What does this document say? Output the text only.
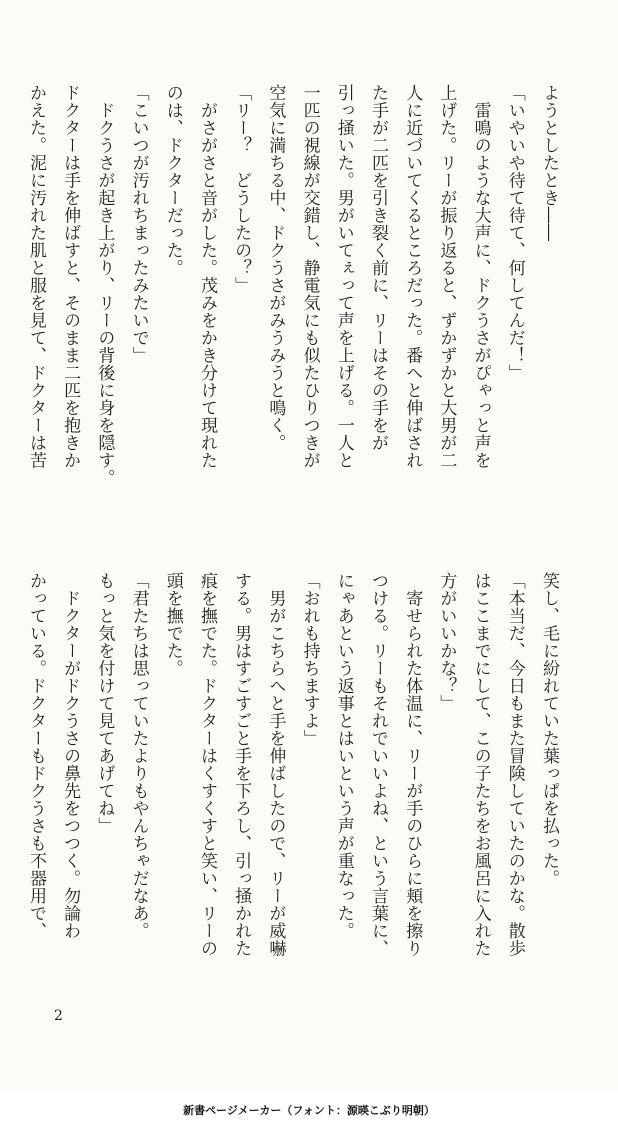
ようとしたとき――
「いやいや待て待て、何してんだ！」
　雷鳴のような大声に、ドクうさがぴゃっと声を
上げた。リーが振り返ると、ずかずかと大男が二
人に近づいてくるところだった。番へと伸ばされ
た手が二匹を引き裂く前に、リーはその手をが
引っ掻いた。男がいてぇって声を上げる。一人と
一匹の視線が交錯し、静電気にも似たひりつきが
空気に満ちる中、ドクうさがみうみうと鳴く。
「リー？　どうしたの？」
　がさがさと音がした。茂みをかき分けて現れた
のは、ドクターだった。
「こいつが汚れちまったみたいで」
　ドクうさが起き上がり、リーの背後に身を隠す。
ドクターは手を伸ばすと、そのまま二匹を抱きか
かえた。泥に汚れた肌と服を見て、ドクターは苦
笑し、毛に紛れていた葉っぱを払った。
「本当だ、今日もまた冒険していたのかな。散歩
はここまでにして、この子たちをお風呂に入れた
方がいいかな？」
　寄せられた体温に、リーが手のひらに頬を擦り
つける。リーもそれでいいよね、という言葉に、
にゃあという返事とはいという声が重なった。
「おれも持ちますよ」
　男がこちらへと手を伸ばしたので、リーが威嚇
する。男はすごすごと手を下ろし、引っ掻かれた
痕を撫でた。ドクターはくすくすと笑い、リーの
頭を撫でた。
「君たちは思っていたよりもやんちゃだなあ。
もっと気を付けて見てあげてね」
　ドクターがドクうさの鼻先をつつく。勿論わ
かっている。ドクターもドクうさも不器用で、
2
新書ページメーカー（フォント：源暎こぶり明朝）
